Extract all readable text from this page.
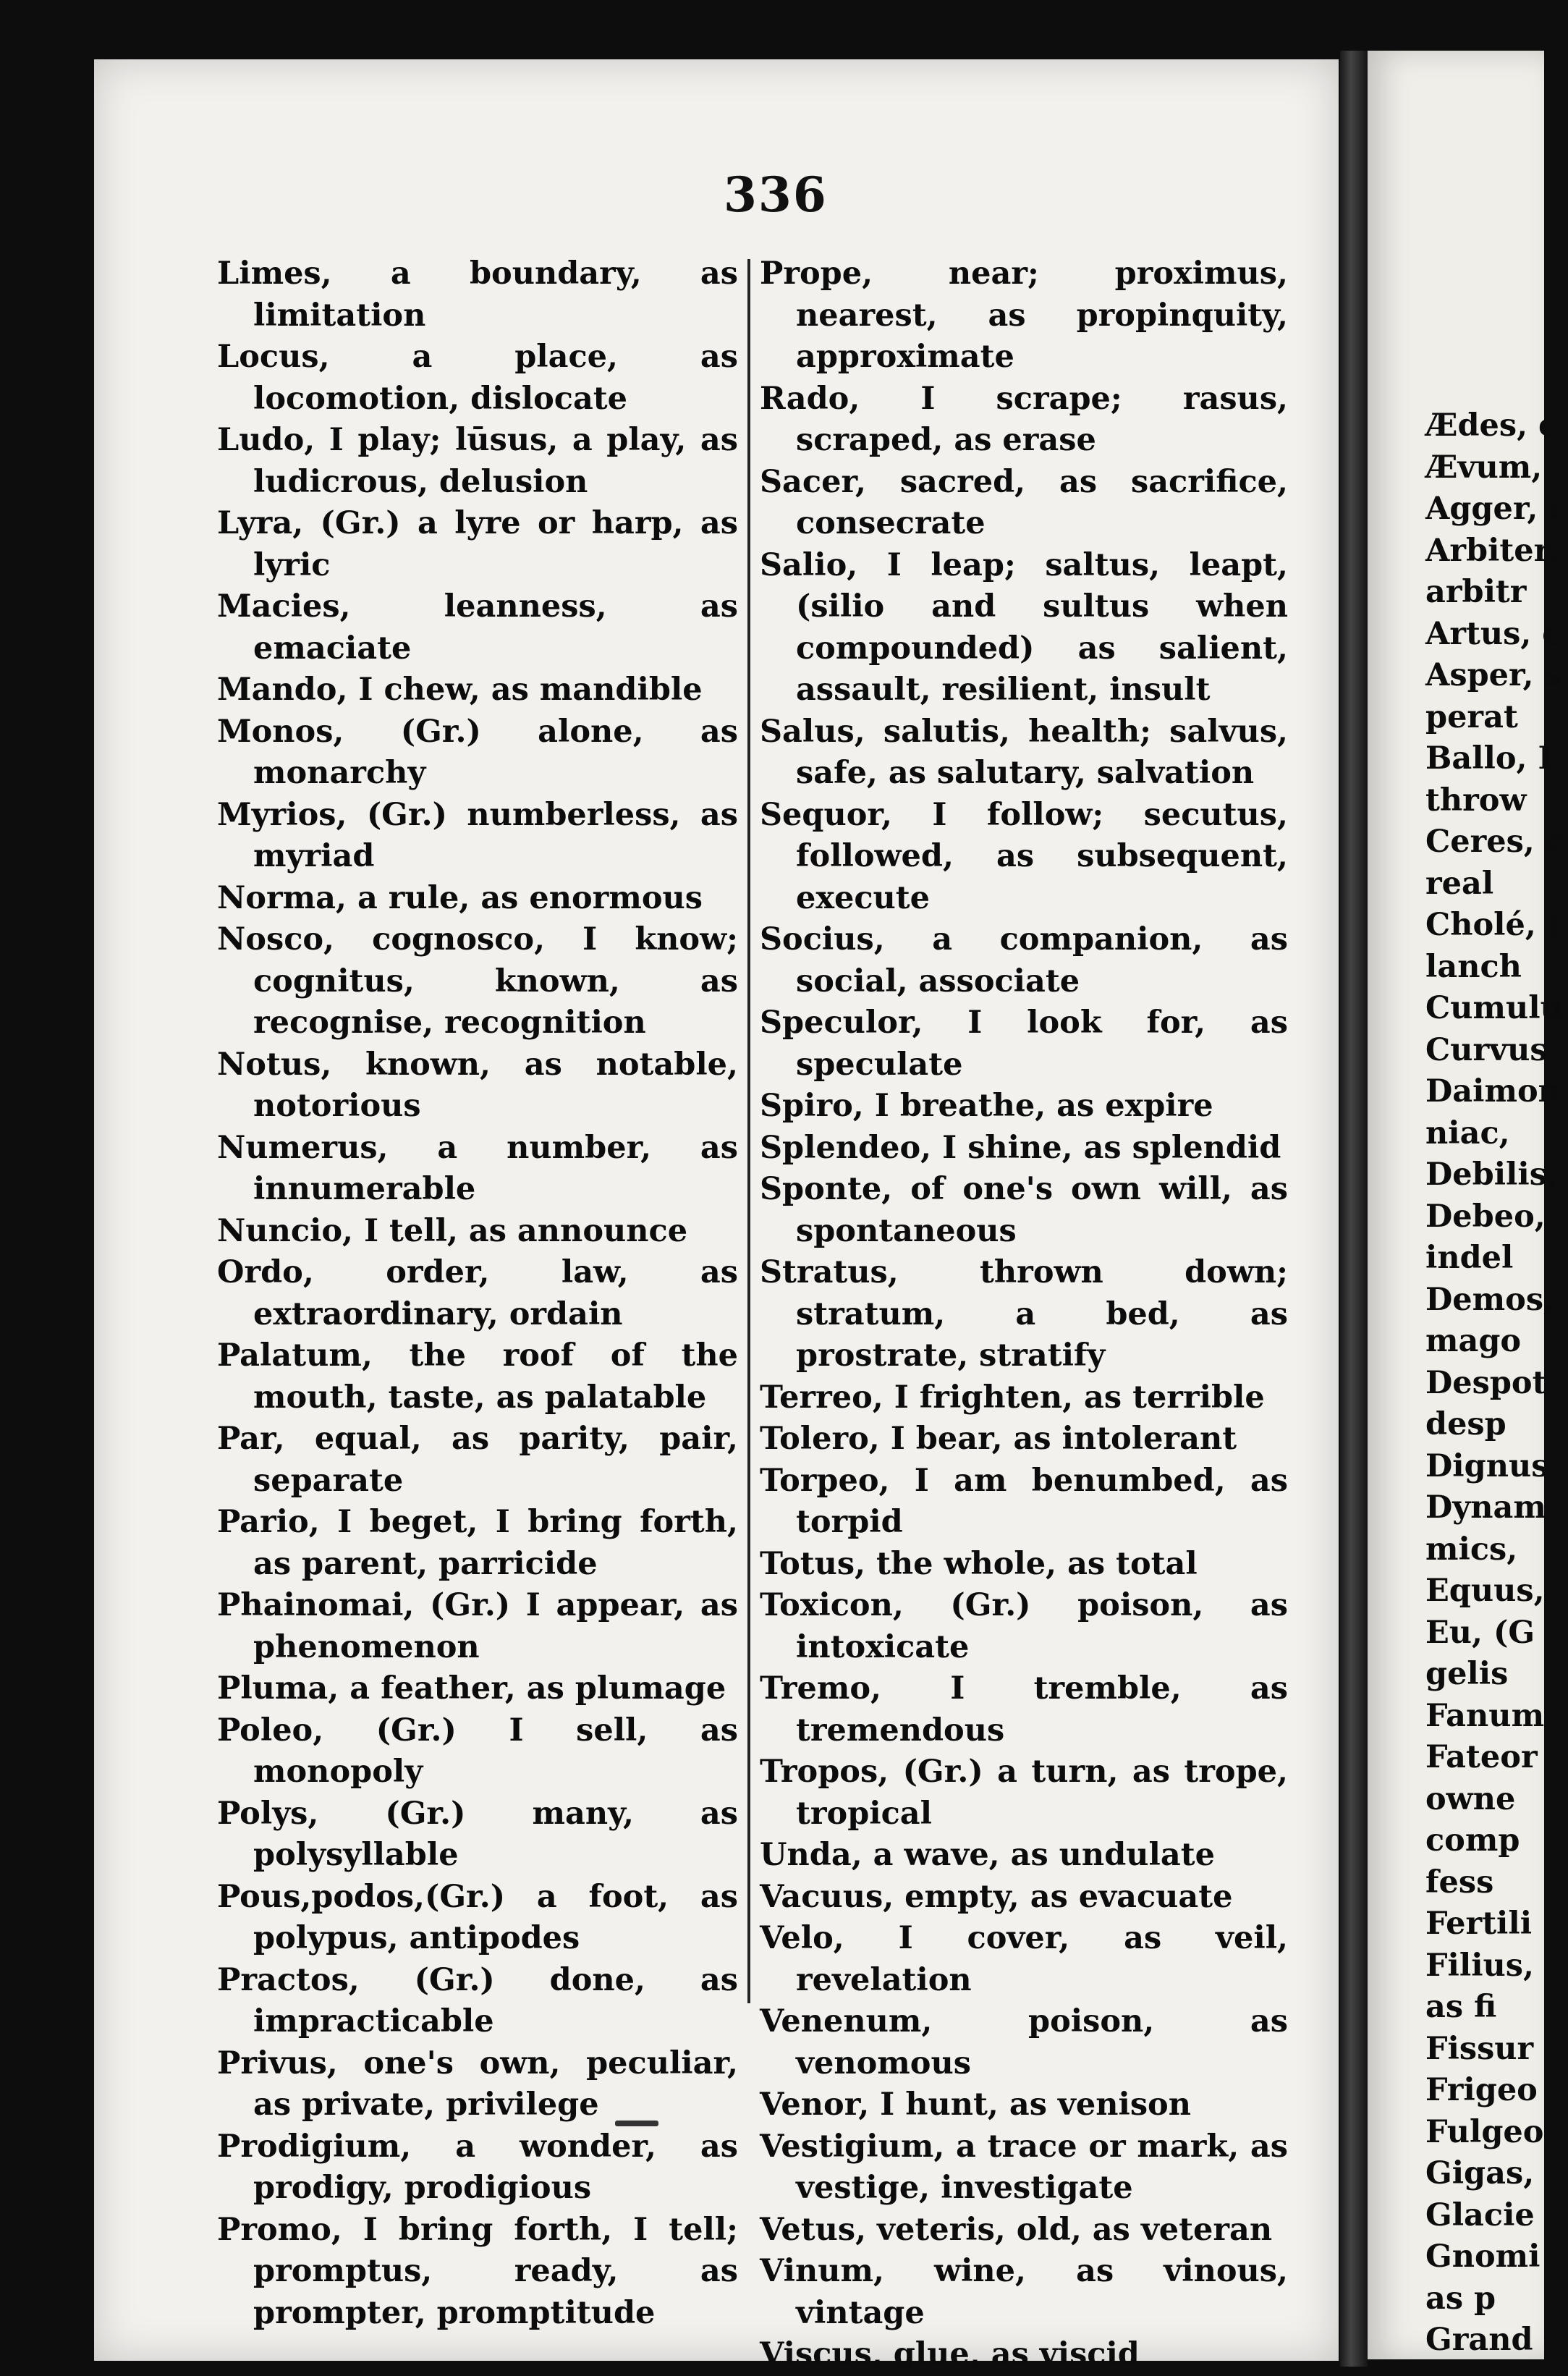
Ædes, c
Ævum,
Agger, c
Arbiter,
arbitr
Artus, c
Asper, s
perat
Ballo, I
throw
Ceres, c
real
Cholé, (
lanch
Cumulu
Curvus
Daimon
niac,
Debilis,
Debeo,
indel
Demos,
mago
Despot
desp
Dignus
Dynam
mics,
Equus,
Eu, (G
gelis
Fanum
Fateor
owne
comp
fess
Fertili
Filius,
as fi
Fissur
Frigeo
Fulgeo
Gigas,
Glacie
Gnomi
as p
Grand
336

Limes, a boundary, as limitation

Locus, a place, as locomotion, dislocate

Ludo, I play; lūsus, a play, as ludicrous, delusion

Lyra, (Gr.) a lyre or harp, as lyric

Macies, leanness, as emaciate

Mando, I chew, as mandible

Monos, (Gr.) alone, as monarchy

Myrios, (Gr.) numberless, as myriad

Norma, a rule, as enormous

Nosco, cognosco, I know; cognitus, known, as recognise, recognition

Notus, known, as notable, notorious

Numerus, a number, as innumerable

Nuncio, I tell, as announce

Ordo, order, law, as extraordinary, ordain

Palatum, the roof of the mouth, taste, as palatable

Par, equal, as parity, pair, separate

Pario, I beget, I bring forth, as parent, parricide

Phainomai, (Gr.) I appear, as phenomenon

Pluma, a feather, as plumage

Poleo, (Gr.) I sell, as monopoly

Polys, (Gr.) many, as polysyllable

Pous,podos,(Gr.) a foot, as polypus, antipodes

Practos, (Gr.) done, as impracticable

Privus, one's own, peculiar, as private, privilege

Prodigium, a wonder, as prodigy, prodigious

Promo, I bring forth, I tell; promptus, ready, as prompter, promptitude

Prope, near; proximus, nearest, as propinquity, approximate

Rado, I scrape; rasus, scraped, as erase

Sacer, sacred, as sacrifice, consecrate

Salio, I leap; saltus, leapt, (silio and sultus when compounded) as salient, assault, resilient, insult

Salus, salutis, health; salvus, safe, as salutary, salvation

Sequor, I follow; secutus, followed, as subsequent, execute

Socius, a companion, as social, associate

Speculor, I look for, as speculate

Spiro, I breathe, as expire

Splendeo, I shine, as splendid

Sponte, of one's own will, as spontaneous

Stratus, thrown down; stratum, a bed, as prostrate, stratify

Terreo, I frighten, as terrible

Tolero, I bear, as intolerant

Torpeo, I am benumbed, as torpid

Totus, the whole, as total

Toxicon, (Gr.) poison, as intoxicate

Tremo, I tremble, as tremendous

Tropos, (Gr.) a turn, as trope, tropical

Unda, a wave, as undulate

Vacuus, empty, as evacuate

Velo, I cover, as veil, revelation

Venenum, poison, as venomous

Venor, I hunt, as venison

Vestigium, a trace or mark, as vestige, investigate

Vetus, veteris, old, as veteran

Vinum, wine, as vinous, vintage

Viscus, glue, as viscid
